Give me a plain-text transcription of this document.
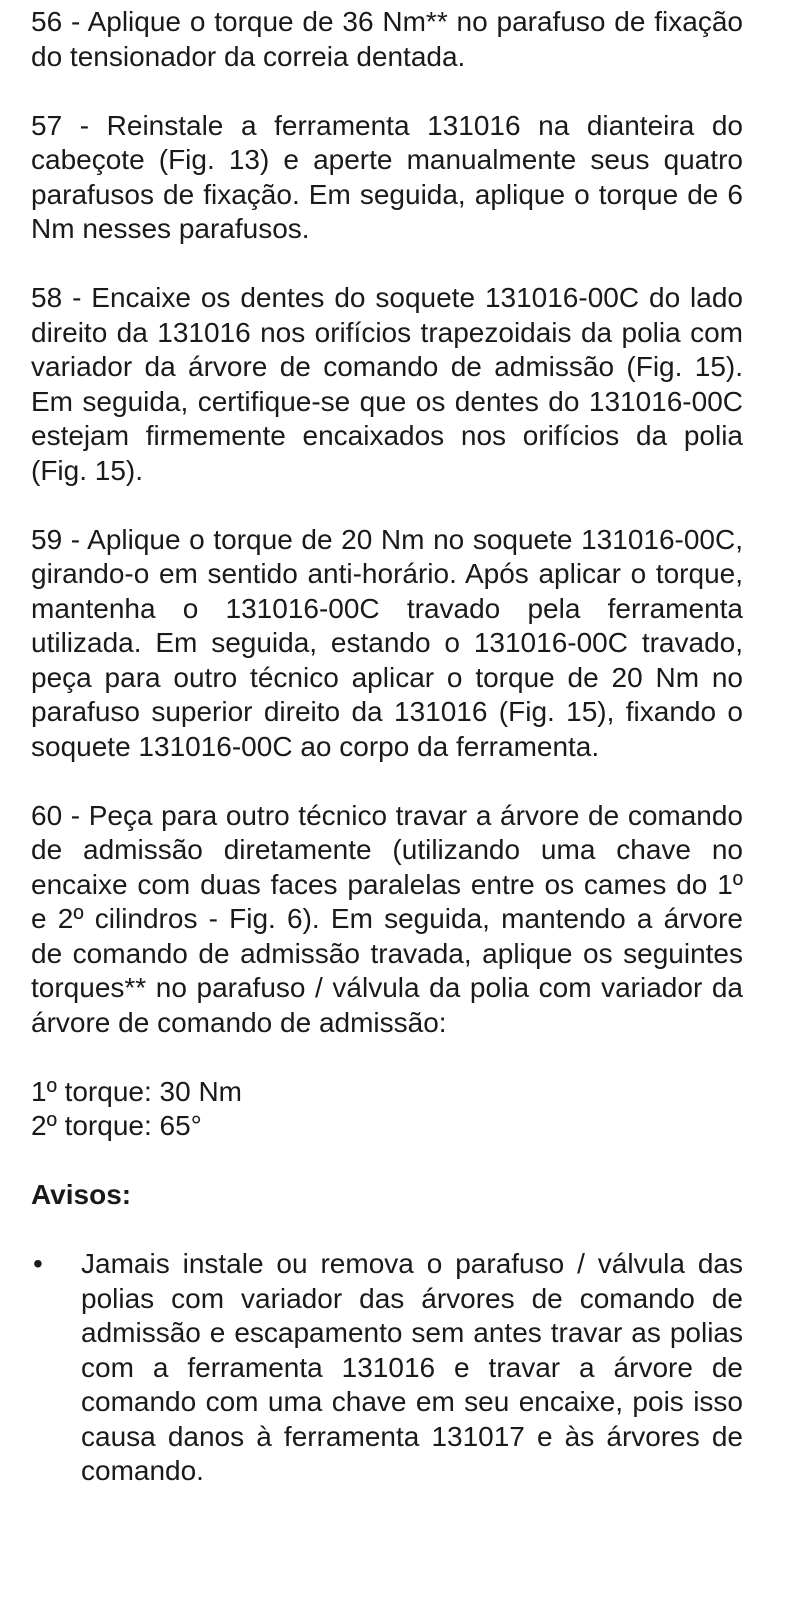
56 - Aplique o torque de 36 Nm** no parafuso de fixação do tensionador da correia dentada.

57 - Reinstale a ferramenta 131016 na dianteira do cabeçote (Fig. 13) e aperte manualmente seus quatro parafusos de fixação. Em seguida, aplique o torque de 6 Nm nesses parafusos.

58 - Encaixe os dentes do soquete 131016-00C do lado direito da 131016 nos orifícios trapezoidais da polia com variador da árvore de comando de admissão (Fig. 15). Em seguida, certifique-se que os dentes do 131016-00C estejam firmemente encaixados nos orifícios da polia (Fig. 15).

59 - Aplique o torque de 20 Nm no soquete 131016-00C, girando-o em sentido anti-horário. Após aplicar o torque, mantenha o 131016-00C travado pela ferramenta utilizada. Em seguida, estando o 131016-00C travado, peça para outro técnico aplicar o torque de 20 Nm no parafuso superior direito da 131016 (Fig. 15), fixando o soquete 131016-00C ao corpo da ferramenta.

60 - Peça para outro técnico travar a árvore de comando de admissão diretamente (utilizando uma chave no encaixe com duas faces paralelas entre os cames do 1º e 2º cilindros - Fig. 6). Em seguida, mantendo a árvore de comando de admissão travada, aplique os seguintes torques** no parafuso / válvula da polia com variador da árvore de comando de admissão:

1º torque: 30 Nm
2º torque: 65°
Avisos:
•	Jamais instale ou remova o parafuso / válvula das polias com variador das árvores de comando de admissão e escapamento sem antes travar as polias com a ferramenta 131016 e travar a árvore de comando com uma chave em seu encaixe, pois isso causa danos à ferramenta 131017 e às árvores de comando.
